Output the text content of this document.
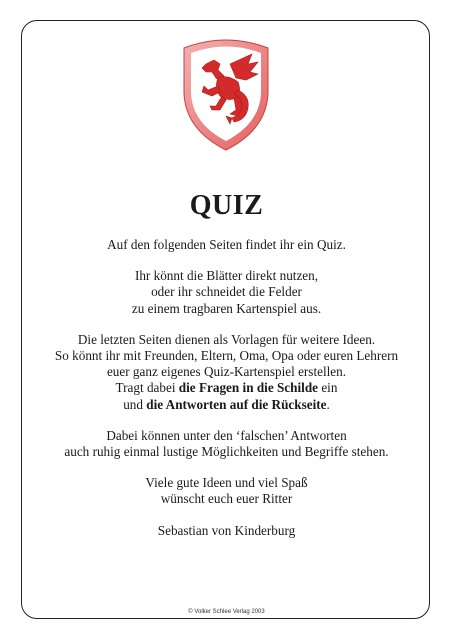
QUIZ

Auf den folgenden Seiten findet ihr ein Quiz.

Ihr könnt die Blätter direkt nutzen,
oder ihr schneidet die Felder
zu einem tragbaren Kartenspiel aus.

Die letzten Seiten dienen als Vorlagen für weitere Ideen.
So könnt ihr mit Freunden, Eltern, Oma, Opa oder euren Lehrern
euer ganz eigenes Quiz-Kartenspiel erstellen.
Tragt dabei die Fragen in die Schilde ein
und die Antworten auf die Rückseite.

Dabei können unter den ‘falschen’ Antworten
auch ruhig einmal lustige Möglichkeiten und Begriffe stehen.

Viele gute Ideen und viel Spaß
wünscht euch euer Ritter

Sebastian von Kinderburg

© Volker Schlee Verlag 2003
